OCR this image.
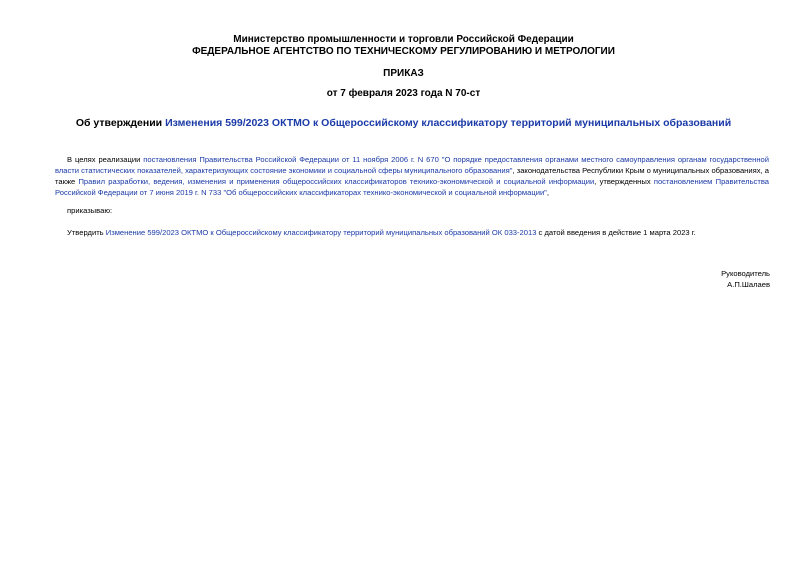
Министерство промышленности и торговли Российской Федерации
ФЕДЕРАЛЬНОЕ АГЕНТСТВО ПО ТЕХНИЧЕСКОМУ РЕГУЛИРОВАНИЮ И МЕТРОЛОГИИ
ПРИКАЗ
от 7 февраля 2023 года N 70-ст
Об утверждении Изменения 599/2023 ОКТМО к Общероссийскому классификатору территорий муниципальных образований
В целях реализации постановления Правительства Российской Федерации от 11 ноября 2006 г. N 670 "О порядке предоставления органами местного самоуправления органам государственной власти статистических показателей, характеризующих состояние экономики и социальной сферы муниципального образования", законодательства Республики Крым о муниципальных образованиях, а также Правил разработки, ведения, изменения и применения общероссийских классификаторов технико-экономической и социальной информации, утвержденных постановлением Правительства Российской Федерации от 7 июня 2019 г. N 733 "Об общероссийских классификаторах технико-экономической и социальной информации",
приказываю:
Утвердить Изменение 599/2023 ОКТМО к Общероссийскому классификатору территорий муниципальных образований ОК 033-2013 с датой введения в действие 1 марта 2023 г.
Руководитель
А.П.Шалаев
